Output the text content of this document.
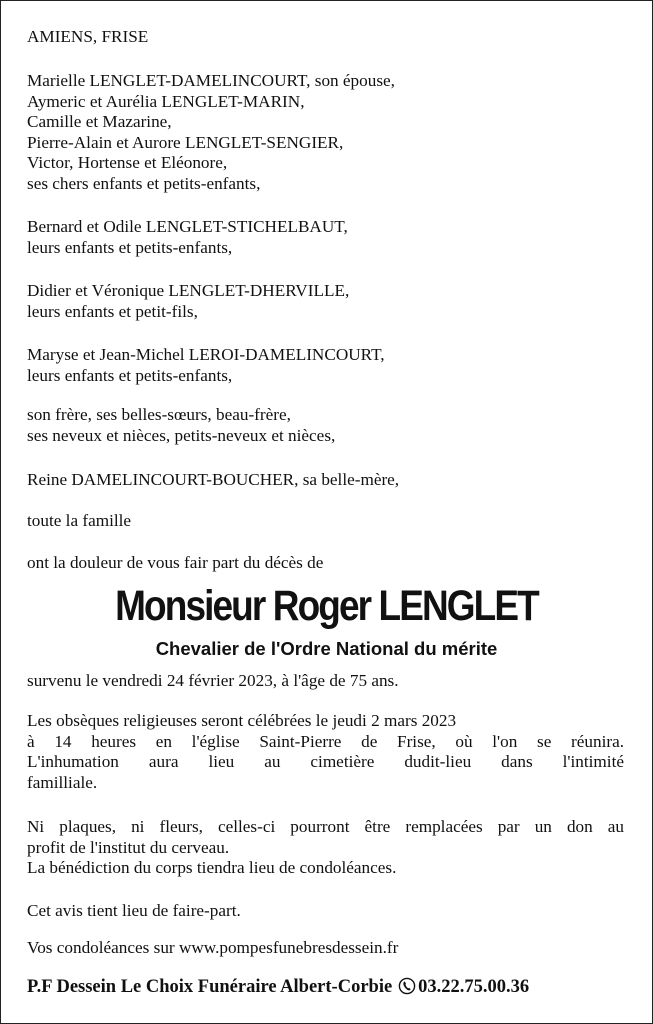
AMIENS, FRISE
Marielle LENGLET-DAMELINCOURT, son épouse,
Aymeric et Aurélia LENGLET-MARIN,
Camille et Mazarine,
Pierre-Alain et Aurore LENGLET-SENGIER,
Victor, Hortense et Eléonore,
ses chers enfants et petits-enfants,
Bernard et Odile LENGLET-STICHELBAUT,
leurs enfants et petits-enfants,
Didier et Véronique LENGLET-DHERVILLE,
leurs enfants et petit-fils,
Maryse et Jean-Michel LEROI-DAMELINCOURT,
leurs enfants et petits-enfants,
son frère, ses belles-sœurs, beau-frère,
ses neveux et nièces, petits-neveux et nièces,
Reine DAMELINCOURT-BOUCHER, sa belle-mère,
toute la famille
ont la douleur de vous fair part du décès de
Monsieur Roger LENGLET
Chevalier de l'Ordre National du mérite
survenu le vendredi 24 février 2023, à l'âge de 75 ans.
Les obsèques religieuses seront célébrées le jeudi 2 mars 2023
à 14 heures en l'église Saint-Pierre de Frise, où l'on se réunira.
L'inhumation aura lieu au cimetière dudit-lieu dans l'intimité
familliale.
Ni plaques, ni fleurs, celles-ci pourront être remplacées par un don au
profit de l'institut du cerveau.
La bénédiction du corps tiendra lieu de condoléances.
Cet avis tient lieu de faire-part.
Vos condoléances sur www.pompesfunebresdessein.fr
P.F Dessein Le Choix Funéraire Albert-Corbie 03.22.75.00.36
